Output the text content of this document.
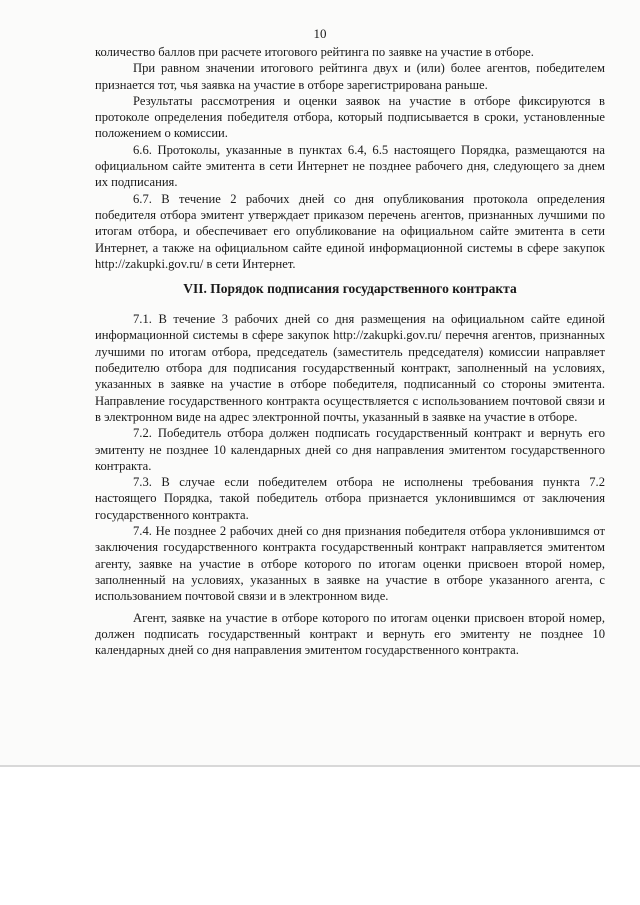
10

количество баллов при расчете итогового рейтинга по заявке на участие в отборе.

При равном значении итогового рейтинга двух и (или) более агентов, победителем признается тот, чья заявка на участие в отборе зарегистрирована раньше.

Результаты рассмотрения и оценки заявок на участие в отборе фиксируются в протоколе определения победителя отбора, который подписывается в сроки, установленные положением о комиссии.

6.6. Протоколы, указанные в пунктах 6.4, 6.5 настоящего Порядка, размещаются на официальном сайте эмитента в сети Интернет не позднее рабочего дня, следующего за днем их подписания.

6.7. В течение 2 рабочих дней со дня опубликования протокола определения победителя отбора эмитент утверждает приказом перечень агентов, признанных лучшими по итогам отбора, и обеспечивает его опубликование на официальном сайте эмитента в сети Интернет, а также на официальном сайте единой информационной системы в сфере закупок http://zakupki.gov.ru/ в сети Интернет.

VII. Порядок подписания государственного контракта

7.1. В течение 3 рабочих дней со дня размещения на официальном сайте единой информационной системы в сфере закупок http://zakupki.gov.ru/ перечня агентов, признанных лучшими по итогам отбора, председатель (заместитель председателя) комиссии направляет победителю отбора для подписания государственный контракт, заполненный на условиях, указанных в заявке на участие в отборе победителя, подписанный со стороны эмитента. Направление государственного контракта осуществляется с использованием почтовой связи и в электронном виде на адрес электронной почты, указанный в заявке на участие в отборе.

7.2. Победитель отбора должен подписать государственный контракт и вернуть его эмитенту не позднее 10 календарных дней со дня направления эмитентом государственного контракта.

7.3. В случае если победителем отбора не исполнены требования пункта 7.2 настоящего Порядка, такой победитель отбора признается уклонившимся от заключения государственного контракта.

7.4. Не позднее 2 рабочих дней со дня признания победителя отбора уклонившимся от заключения государственного контракта государственный контракт направляется эмитентом агенту, заявке на участие в отборе которого по итогам оценки присвоен второй номер, заполненный на условиях, указанных в заявке на участие в отборе указанного агента, с использованием почтовой связи и в электронном виде.

Агент, заявке на участие в отборе которого по итогам оценки присвоен второй номер, должен подписать государственный контракт и вернуть его эмитенту не позднее 10 календарных дней со дня направления эмитентом государственного контракта.
